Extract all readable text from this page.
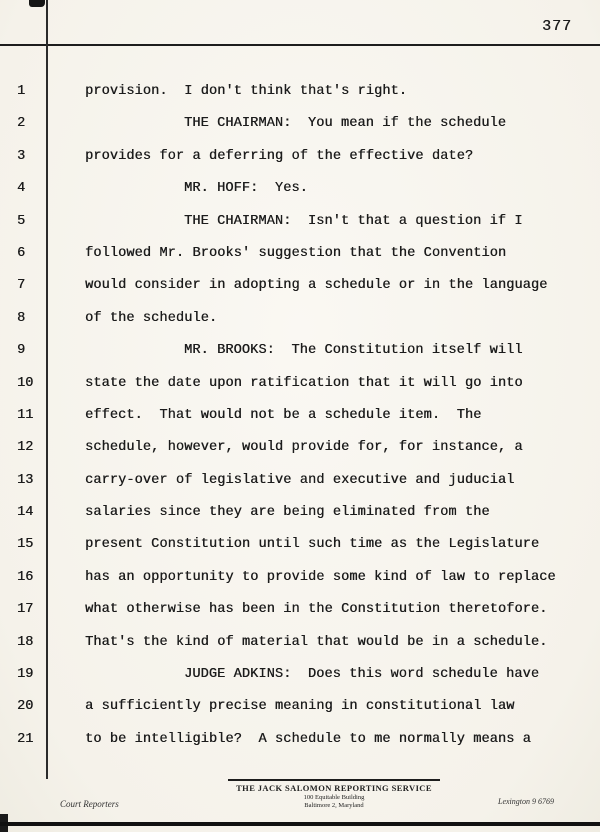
377
1	provision.  I don't think that's right.
2	THE CHAIRMAN:  You mean if the schedule
3	provides for a deferring of the effective date?
4	MR. HOFF:  Yes.
5	THE CHAIRMAN:  Isn't that a question if I
6	followed Mr. Brooks' suggestion that the Convention
7	would consider in adopting a schedule or in the language
8	of the schedule.
9	MR. BROOKS:  The Constitution itself will
10	state the date upon ratification that it will go into
11	effect.  That would not be a schedule item.  The
12	schedule, however, would provide for, for instance, a
13	carry-over of legislative and executive and juducial
14	salaries since they are being eliminated from the
15	present Constitution until such time as the Legislature
16	has an opportunity to provide some kind of law to replace
17	what otherwise has been in the Constitution theretofore.
18	That's the kind of material that would be in a schedule.
19	JUDGE ADKINS:  Does this word schedule have
20	a sufficiently precise meaning in constitutional law
21	to be intelligible?  A schedule to me normally means a
THE JACK SALOMON REPORTING SERVICE
100 Equitable Building
Baltimore 2, Maryland
Court Reporters	Lexington 9 6769
